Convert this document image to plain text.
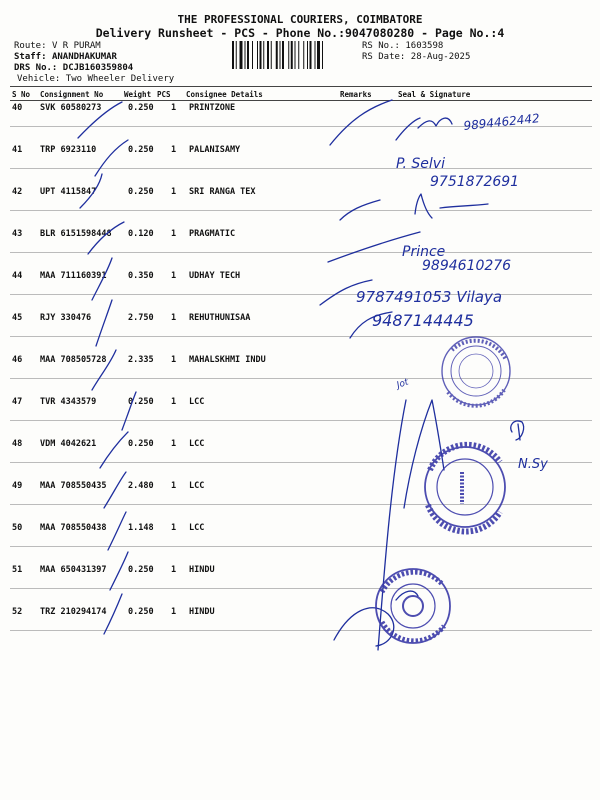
THE PROFESSIONAL COURIERS, COIMBATORE
Delivery Runsheet - PCS - Phone No.:9047080280 - Page No.:4
Route: V R PURAM
Staff: ANANDHAKUMAR
DRS No.: DCJB160359804
Vehicle: Two Wheeler Delivery
RS No.: 1603598
RS Date: 28-Aug-2025
S No Consignment No	Weight PCS Consignee Details	Remarks	Seal & Signature
40 SVK 60580273	0.250 1 PRINTZONE
41 TRP 6923110	0.250 1 PALANISAMY
42 UPT 4115847	0.250 1 SRI RANGA TEX
43 BLR 6151598448 0.120 1 PRAGMATIC
44 MAA 711160391	0.350 1 UDHAY TECH
45 RJY 330476	2.750 1 REHUTHUNISAA
46 MAA 708505728	2.335 1 MAHALSKHMI INDU
47 TVR 4343579	0.250 1 LCC
48 VDM 4042621	0.250 1 LCC
49 MAA 708550435	2.480 1 LCC
50 MAA 708550438	1.148 1 LCC
51 MAA 650431397	0.250 1 HINDU
52 TRZ 210294174	0.250 1 HINDU
9894462442
P. Selvi
9751872691
Prince
9894610276
9787491053 Vilaya
9487144445
Jot
N.Sy
